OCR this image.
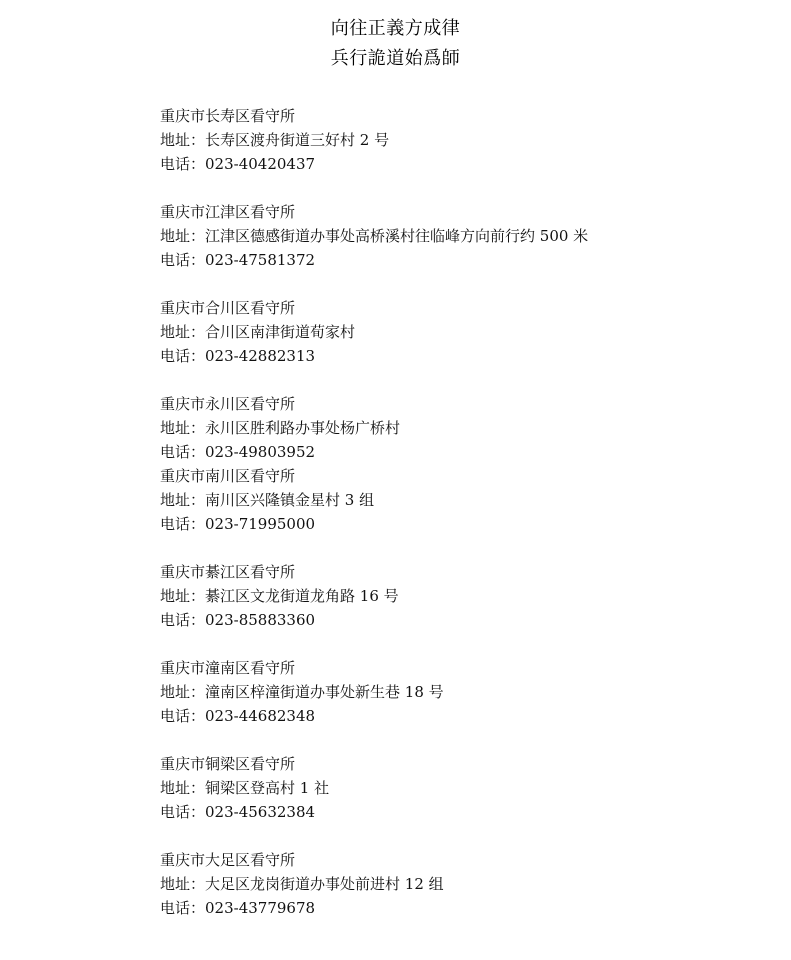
向往正義方成律
兵行詭道始爲師
重庆市长寿区看守所
地址：长寿区渡舟街道三好村 2 号
电话：023-40420437
重庆市江津区看守所
地址：江津区德感街道办事处高桥溪村往临峰方向前行约 500 米
电话：023-47581372
重庆市合川区看守所
地址：合川区南津街道荀家村
电话：023-42882313
重庆市永川区看守所
地址：永川区胜利路办事处杨广桥村
电话：023-49803952
重庆市南川区看守所
地址：南川区兴隆镇金星村 3 组
电话：023-71995000
重庆市綦江区看守所
地址：綦江区文龙街道龙角路 16 号
电话：023-85883360
重庆市潼南区看守所
地址：潼南区梓潼街道办事处新生巷 18 号
电话：023-44682348
重庆市铜梁区看守所
地址：铜梁区登高村 1 社
电话：023-45632384
重庆市大足区看守所
地址：大足区龙岗街道办事处前进村 12 组
电话：023-43779678
